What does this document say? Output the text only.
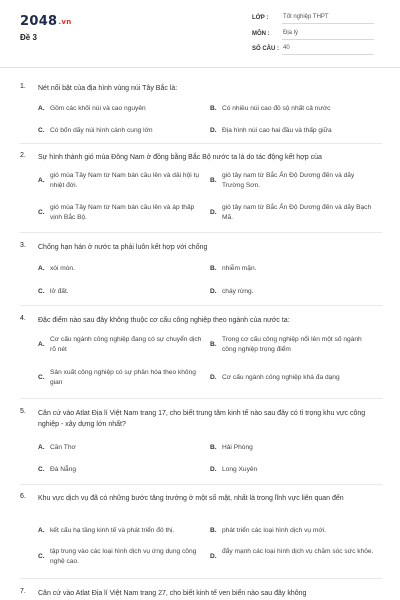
2048.vn
Đề 3
LỚP :	Tốt nghiệp THPT
MÔN :	Địa lý
SỐ CÂU : 40
1. Nét nổi bật của địa hình vùng núi Tây Bắc là:
A. Gồm các khối núi và cao nguyên	B. Có nhiều núi cao đồ sộ nhất cả nước
C. Có bốn dãy núi hình cánh cung lớn	D. Địa hình núi cao hai đầu và thấp giữa
2. Sự hình thành gió mùa Đông Nam ở đồng bằng Bắc Bộ nước ta là do tác động kết hợp của
A.
gió mùa Tây Nam từ Nam bán cầu lên và dải hội tụ nhiệt đới.
B.
gió tây nam từ Bắc Ấn Độ Dương đến và dãy Trường Sơn.
C.
gió mùa Tây Nam từ Nam bán cầu lên và áp thấp vịnh Bắc Bộ.
D.
gió tây nam từ Bắc Ấn Độ Dương đến và dãy Bạch Mã.
3. Chống hạn hán ở nước ta phải luôn kết hợp với chống
A. xói mòn.	B. nhiễm mặn.
C. lở đất.	D. cháy rừng.
4. Đặc điểm nào sau đây không thuộc cơ cấu công nghiệp theo ngành của nước ta:
A.
Cơ cấu ngành công nghiệp đang có sự chuyển dịch rõ nét
B.
Trong cơ cấu công nghiệp nổi lên một số ngành công nghiệp trọng điểm
C.
Sản xuất công nghiệp có sự phân hóa theo không gian
D. Cơ cấu ngành công nghiệp khá đa dạng
5. Căn cứ vào Atlat Địa lí Việt Nam trang 17, cho biết trung tâm kinh tế nào sau đây có tỉ trọng khu vực công nghiệp - xây dựng lớn nhất?
A. Cần Thơ	B. Hải Phòng
C. Đà Nẵng	D. Long Xuyên
6. Khu vực dịch vụ đã có những bước tăng trưởng ở một số mặt, nhất là trong lĩnh vực liên quan đến
A. kết cấu hạ tầng kinh tế và phát triển đô thị.	B. phát triển các loại hình dịch vụ mới.
C.
tập trung vào các loại hình dịch vụ ứng dụng công nghệ cao.
D.
đẩy mạnh các loại hình dịch vụ chăm sóc sức khỏe.
7. Căn cứ vào Atlat Địa lí Việt Nam trang 27, cho biết kinh tế ven biển nào sau đây không
